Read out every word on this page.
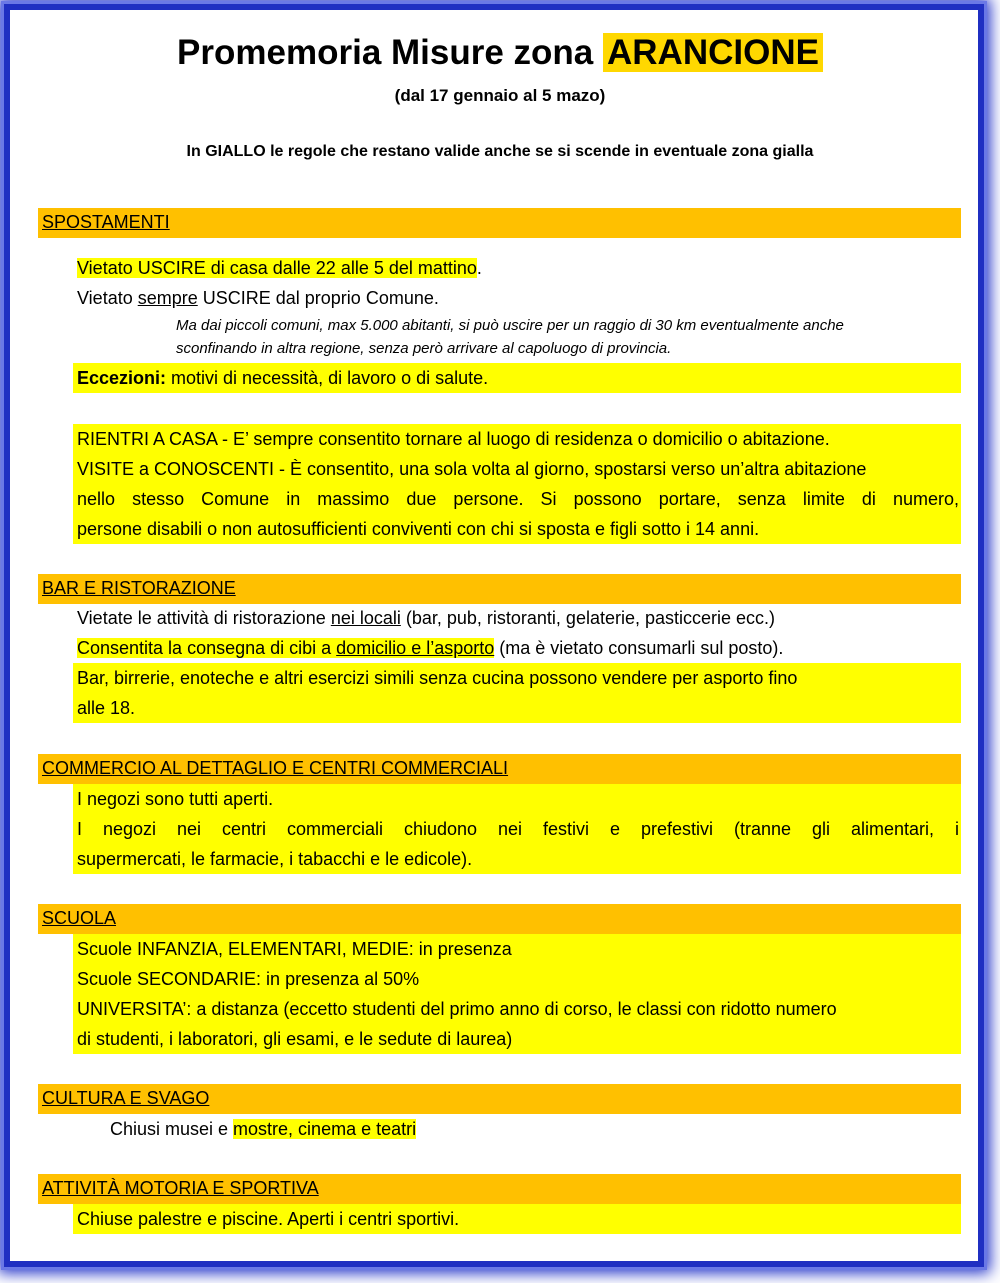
Promemoria Misure zona ARANCIONE
(dal 17 gennaio al 5 mazo)
In GIALLO le regole che restano valide anche se si scende in eventuale zona gialla
SPOSTAMENTI
Vietato USCIRE di casa dalle 22 alle 5 del mattino.
Vietato sempre USCIRE dal proprio Comune.
Ma dai piccoli comuni, max 5.000 abitanti, si può uscire per un raggio di 30 km eventualmente anche
sconfinando in altra regione, senza però arrivare al capoluogo di provincia.
Eccezioni: motivi di necessità, di lavoro o di salute.
RIENTRI A CASA - E’ sempre consentito tornare al luogo di residenza o domicilio o abitazione.
VISITE a CONOSCENTI - È consentito, una sola volta al giorno, spostarsi verso un’altra abitazione
nello stesso Comune in massimo due persone. Si possono portare, senza limite di numero,
persone disabili o non autosufficienti conviventi con chi si sposta e figli sotto i 14 anni.
BAR E RISTORAZIONE
Vietate le attività di ristorazione nei locali (bar, pub, ristoranti, gelaterie, pasticcerie ecc.)
Consentita la consegna di cibi a domicilio e l’asporto (ma è vietato consumarli sul posto).
Bar, birrerie, enoteche e altri esercizi simili senza cucina possono vendere per asporto fino
alle 18.
COMMERCIO AL DETTAGLIO E CENTRI COMMERCIALI
I negozi sono tutti aperti.
I negozi nei centri commerciali chiudono nei festivi e prefestivi (tranne gli alimentari, i
supermercati, le farmacie, i tabacchi e le edicole).
SCUOLA
Scuole INFANZIA, ELEMENTARI, MEDIE: in presenza
Scuole SECONDARIE: in presenza al 50%
UNIVERSITA’: a distanza (eccetto studenti del primo anno di corso, le classi con ridotto numero
di studenti, i laboratori, gli esami, e le sedute di laurea)
CULTURA E SVAGO
Chiusi musei e mostre, cinema e teatri
ATTIVITÀ MOTORIA E SPORTIVA
Chiuse palestre e piscine. Aperti i centri sportivi.
